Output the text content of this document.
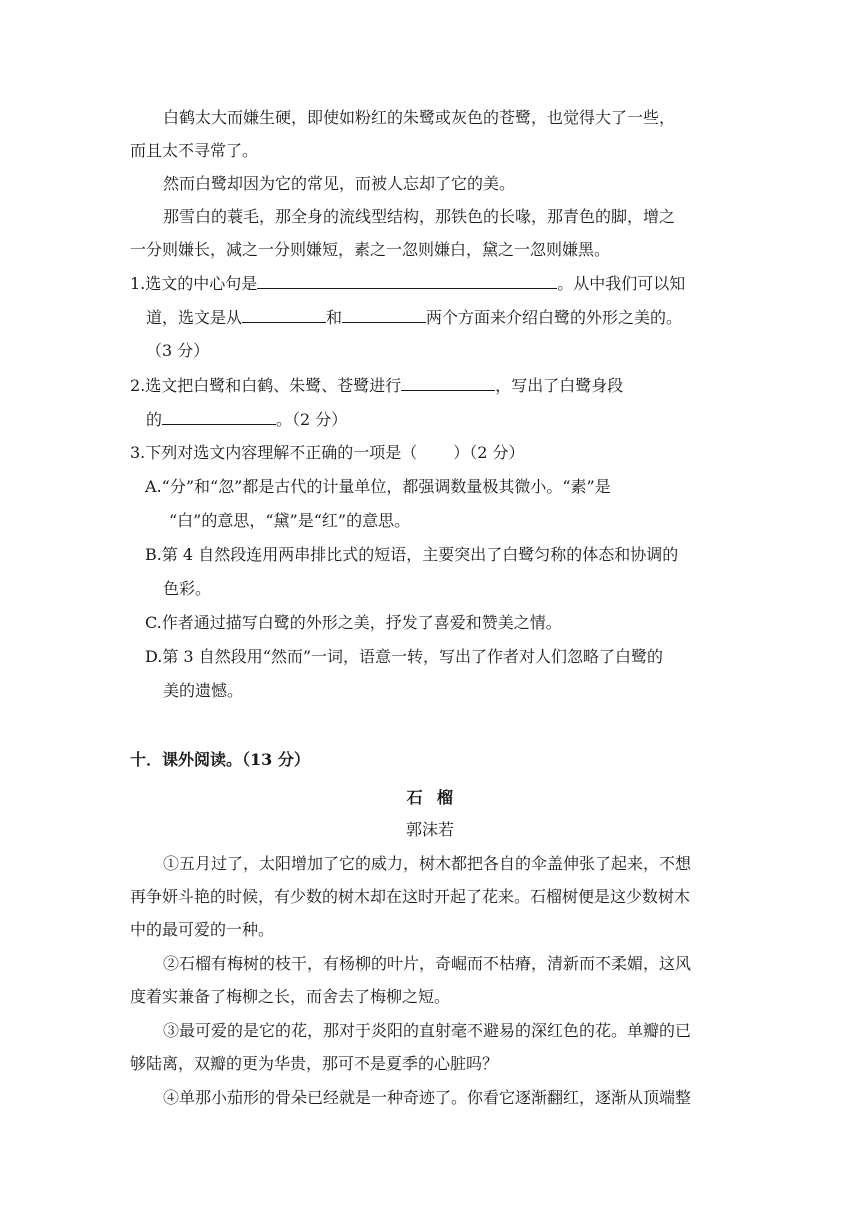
白鹤太大而嫌生硬，即使如粉红的朱鹭或灰色的苍鹭，也觉得大了一些，
而且太不寻常了。
然而白鹭却因为它的常见，而被人忘却了它的美。
那雪白的蓑毛，那全身的流线型结构，那铁色的长喙，那青色的脚，增之
一分则嫌长，减之一分则嫌短，素之一忽则嫌白，黛之一忽则嫌黑。
1.选文的中心句是	。从中我们可以知
道，选文是从	和	两个方面来介绍白鹭的外形之美的。
（3 分）
2.选文把白鹭和白鹤、朱鹭、苍鹭进行	，写出了白鹭身段
的	。（2 分）
3.下列对选文内容理解不正确的一项是（ ）（2 分）
A.“分”和“忽”都是古代的计量单位，都强调数量极其微小。“素”是
“白”的意思，“黛”是“红”的意思。
B.第 4 自然段连用两串排比式的短语，主要突出了白鹭匀称的体态和协调的
色彩。
C.作者通过描写白鹭的外形之美，抒发了喜爱和赞美之情。
D.第 3 自然段用“然而”一词，语意一转，写出了作者对人们忽略了白鹭的
美的遗憾。
十．课外阅读。（13 分）
石榴
郭沫若
①五月过了，太阳增加了它的威力，树木都把各自的伞盖伸张了起来，不想
再争妍斗艳的时候，有少数的树木却在这时开起了花来。石榴树便是这少数树木
中的最可爱的一种。
②石榴有梅树的枝干，有杨柳的叶片，奇崛而不枯瘠，清新而不柔媚，这风
度着实兼备了梅柳之长，而舍去了梅柳之短。
③最可爱的是它的花，那对于炎阳的直射毫不避易的深红色的花。单瓣的已
够陆离，双瓣的更为华贵，那可不是夏季的心脏吗？
④单那小茄形的骨朵已经就是一种奇迹了。你看它逐渐翻红，逐渐从顶端整
